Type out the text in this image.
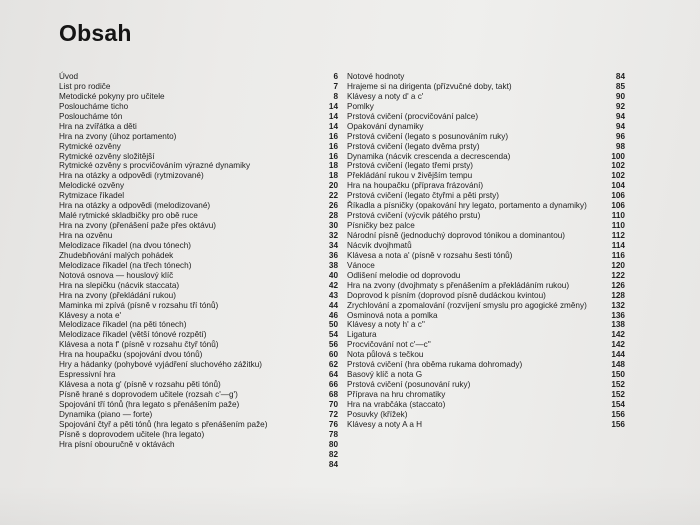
Obsah
Úvod	6
List pro rodiče	7
Metodické pokyny pro učitele	8
Posloucháme ticho	14
Posloucháme tón	14
Hra na zvířátka a děti	14
Hra na zvony (úhoz portamento)	16
Rytmické ozvěny	16
Rytmické ozvěny složitější	16
Rytmické ozvěny s procvičováním výrazné dynamiky	18
Hra na otázky a odpovědi (rytmizované)	18
Melodické ozvěny	20
Rytmizace říkadel	22
Hra na otázky a odpovědi (melodizované)	26
Malé rytmické skladbičky pro obě ruce	28
Hra na zvony (přenášení paže přes oktávu)	30
Hra na ozvěnu	32
Melodizace říkadel (na dvou tónech)	34
Zhudebňování malých pohádek	36
Melodizace říkadel (na třech tónech)	38
Notová osnova — houslový klíč	40
Hra na slepičku (nácvik staccata)	42
Hra na zvony (překládání rukou)	43
Maminka mi zpívá (písně v rozsahu tří tónů)	44
Klávesy a nota e'	46
Melodizace říkadel (na pěti tónech)	50
Melodizace říkadel (větší tónové rozpětí)	54
Klávesa a nota f' (písně v rozsahu čtyř tónů)	56
Hra na houpačku (spojování dvou tónů)	60
Hry a hádanky (pohybové vyjádření sluchového zážitku)	62
Espressivní hra	64
Klávesa a nota g' (písně v rozsahu pěti tónů)	66
Písně hrané s doprovodem učitele (rozsah c'—g')	68
Spojování tří tónů (hra legato s přenášením paže)	70
Dynamika (piano — forte)	72
Spojování čtyř a pěti tónů (hra legato s přenášením paže)	76
Písně s doprovodem učitele (hra legato)	78
Hra písní obouručně v oktávách	80
82
84
Notové hodnoty	84
Hrajeme si na dirigenta (přízvučné doby, takt)	85
Klávesy a noty d' a c'	90
Pomlky	92
Prstová cvičení (procvičování palce)	94
Opakování dynamiky	94
Prstová cvičení (legato s posunováním ruky)	96
Prstová cvičení (legato dvěma prsty)	98
Dynamika (nácvik crescenda a decrescenda)	100
Prstová cvičení (legato třemi prsty)	102
Překládání rukou v živějším tempu	102
Hra na houpačku (příprava frázování)	104
Prstová cvičení (legato čtyřmi a pěti prsty)	106
Říkadla a písničky (opakování hry legato, portamento a dynamiky)	106
Prstová cvičení (výcvik pátého prstu)	110
Písničky bez palce	110
Národní písně (jednoduchý doprovod tónikou a dominantou)	112
Nácvik dvojhmatů	114
Klávesa a nota a' (písně v rozsahu šesti tónů)	116
Vánoce	120
Odlišení melodie od doprovodu	122
Hra na zvony (dvojhmaty s přenášením a překládáním rukou)	126
Doprovod k písním (doprovod písně dudáckou kvintou)	128
Zrychlování a zpomalování (rozvíjení smyslu pro agogické změny)	132
Osminová nota a pomlka	136
Klávesy a noty h' a c''	138
Ligatura	142
Procvičování not c'—c''	142
Nota půlová s tečkou	144
Prstová cvičení (hra oběma rukama dohromady)	148
Basový klíč a nota G	150
Prstová cvičení (posunování ruky)	152
Příprava na hru chromatiky	152
Hra na vrabčáka (staccato)	154
Posuvky (křížek)	156
Klávesy a noty A a H	156
